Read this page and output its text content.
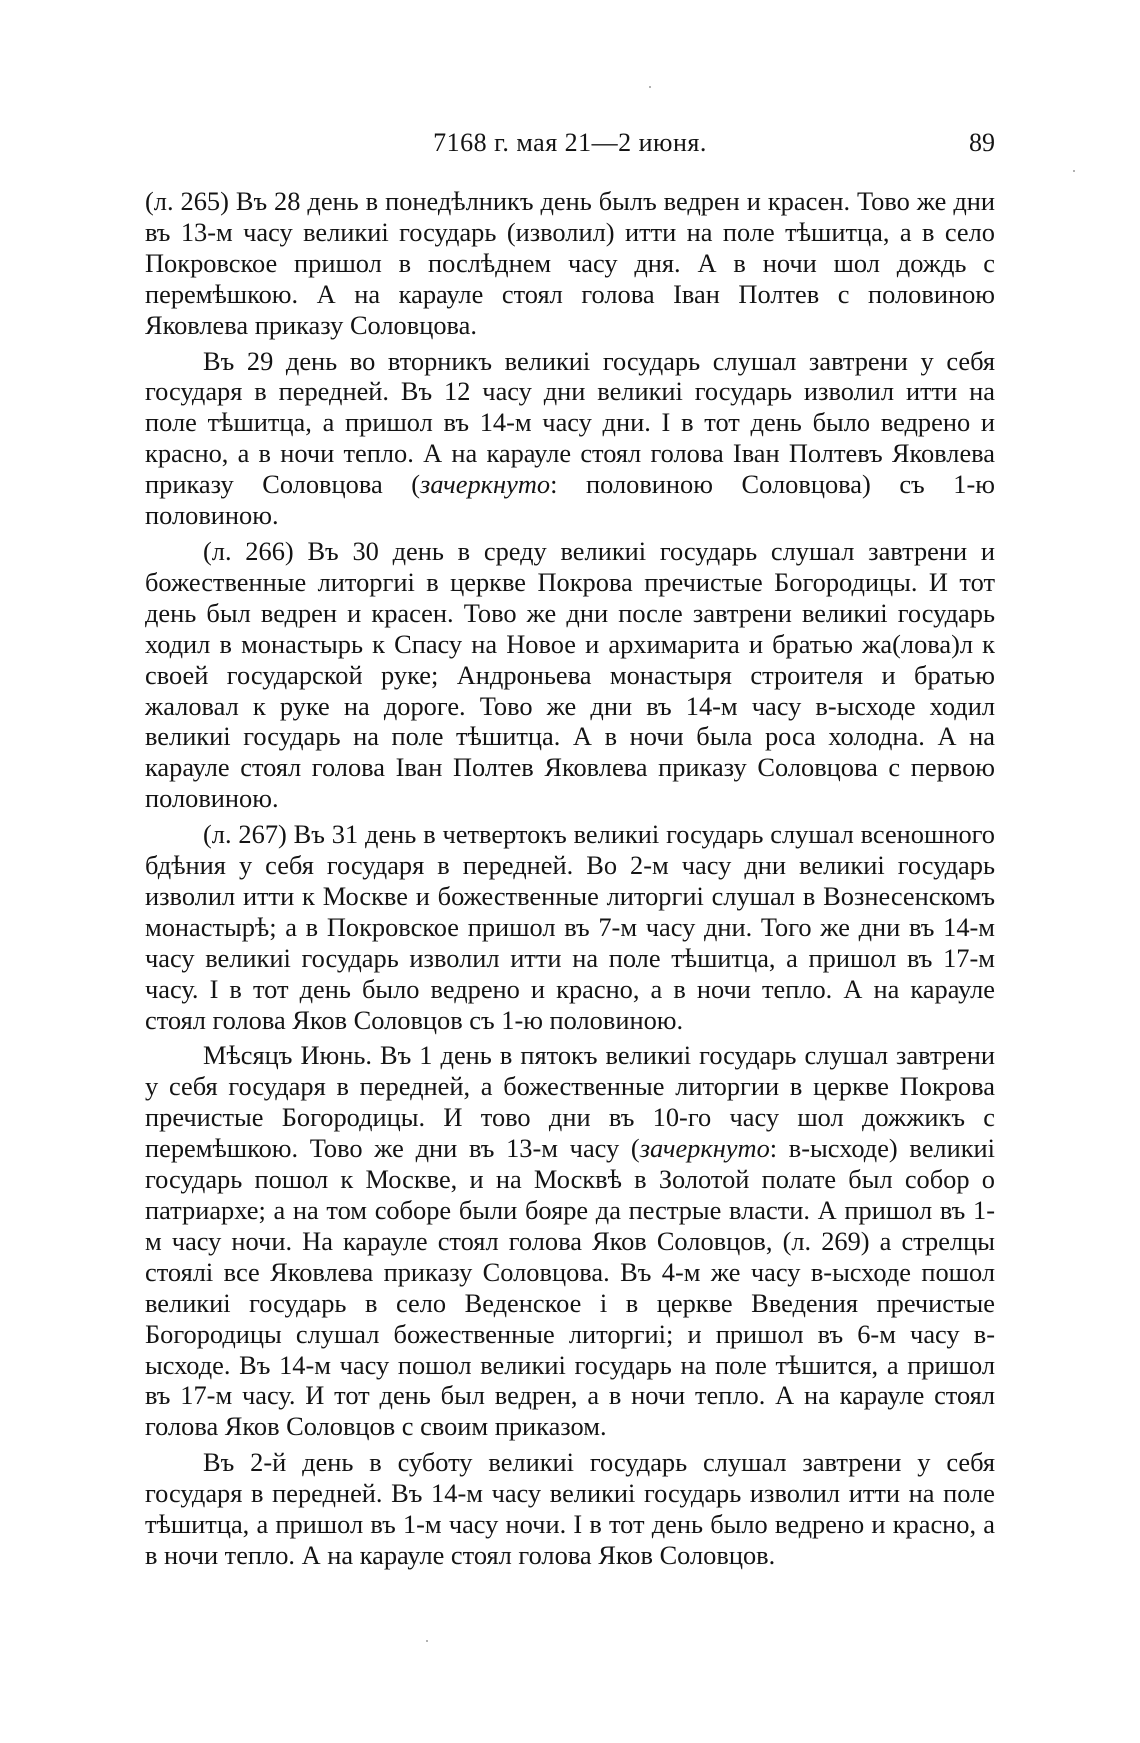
7168 г. мая 21—2 июня.	89

(л. 265) Въ 28 день в понедѣлникъ день былъ ведрен и красен. Тово же дни въ 13-м часу великиі государь (изволил) итти на поле тѣшитца, а в село Покровское пришол в послѣднем часу дня. А в ночи шол дождь с перемѣшкою. А на карауле стоял голова Іван Полтев с половиною Яковлева приказу Соловцова.

Въ 29 день во вторникъ великиі государь слушал завтрени у себя государя в передней. Въ 12 часу дни великиі государь изволил итти на поле тѣшитца, а пришол въ 14-м часу дни. І в тот день было ведрено и красно, а в ночи тепло. А на карауле стоял голова Іван Полтевъ Яковлева приказу Соловцова (зачеркнуто: половиною Соловцова) съ 1-ю половиною.

(л. 266) Въ 30 день в среду великиі государь слушал завтрени и божественные литоргиі в церкве Покрова пречистые Богородицы. И тот день был ведрен и красен. Тово же дни после завтрени великиі государь ходил в монастырь к Спасу на Новое и архимарита и братью жа(лова)л к своей государской руке; Андроньева монастыря строителя и братью жаловал к руке на дороге. Тово же дни въ 14-м часу в-ысходе ходил великиі государь на поле тѣшитца. А в ночи была роса холодна. А на карауле стоял голова Іван Полтев Яковлева приказу Соловцова с первою половиною.

(л. 267) Въ 31 день в четвертокъ великиі государь слушал всеношного бдѣния у себя государя в передней. Во 2-м часу дни великиі государь изволил итти к Москве и божественные литоргиі слушал в Вознесенскомъ монастырѣ; а в Покровское пришол въ 7-м часу дни. Того же дни въ 14-м часу великиі государь изволил итти на поле тѣшитца, а пришол въ 17-м часу. І в тот день было ведрено и красно, а в ночи тепло. А на карауле стоял голова Яков Соловцов съ 1-ю половиною.

Мѣсяцъ Июнь. Въ 1 день в пятокъ великиі государь слушал завтрени у себя государя в передней, а божественные литоргии в церкве Покрова пречистые Богородицы. И тово дни въ 10-го часу шол дожжикъ с перемѣшкою. Тово же дни въ 13-м часу (зачеркнуто: в-ысходе) великиі государь пошол к Москве, и на Москвѣ в Золотой полате был собор о патриархе; а на том соборе были бояре да пестрые власти. А пришол въ 1-м часу ночи. На карауле стоял голова Яков Соловцов, (л. 269) а стрелцы стоялі все Яковлева приказу Соловцова. Въ 4-м же часу в-ысходе пошол великиі государь в село Веденское і в церкве Введения пречистые Богородицы слушал божественные литоргиі; и пришол въ 6-м часу в-ысходе. Въ 14-м часу пошол великиі государь на поле тѣшится, а пришол въ 17-м часу. И тот день был ведрен, а в ночи тепло. А на карауле стоял голова Яков Соловцов с своим приказом.

Въ 2-й день в суботу великиі государь слушал завтрени у себя государя в передней. Въ 14-м часу великиі государь изволил итти на поле тѣшитца, а пришол въ 1-м часу ночи. І в тот день было ведрено и красно, а в ночи тепло. А на карауле стоял голова Яков Соловцов.
